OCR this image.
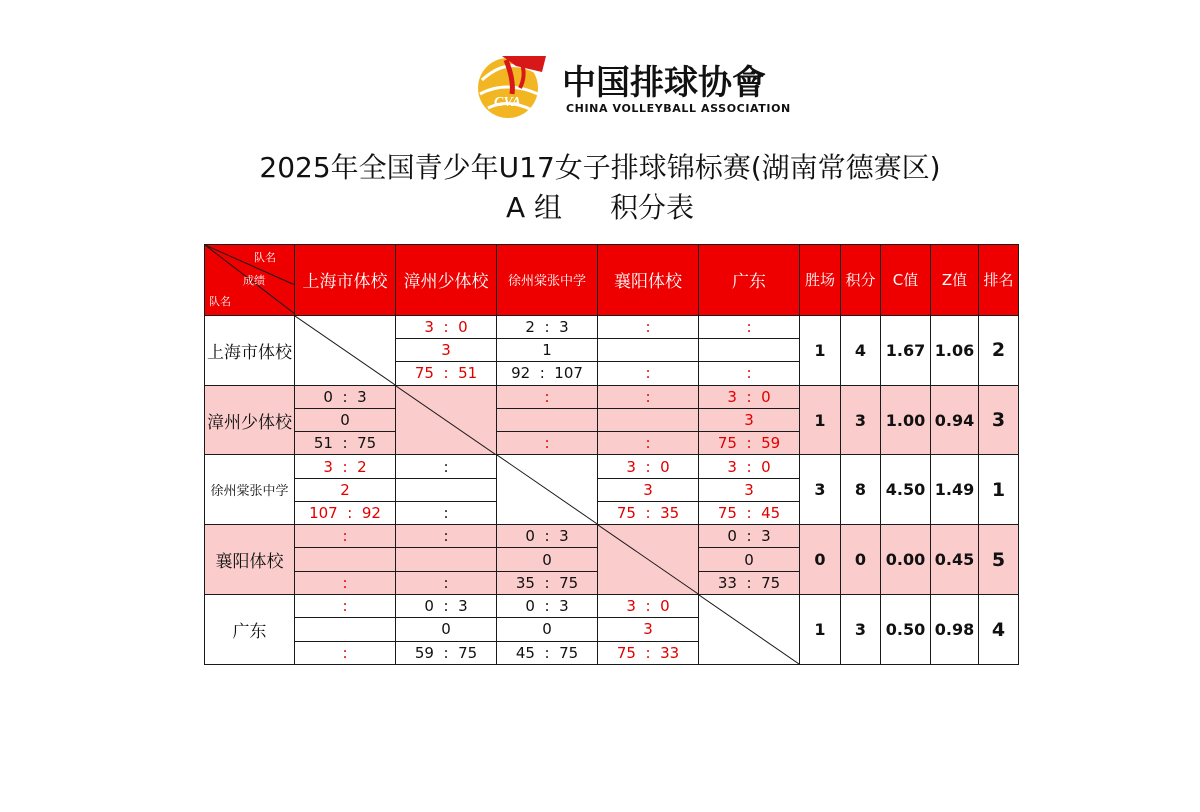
CVA 中国排球协會
CHINA VOLLEYBALL ASSOCIATION
2025年全国青少年U17女子排球锦标赛(湖南常德赛区)
A 组 积分表
队名
成绩
队名	上海市体校	漳州少体校	徐州棠张中学	襄阳体校	广东	胜场	积分	C值	Z值	排名
上海市体校		3  :  0	2  :  3	:	:	1	4	1.67	1.06	2
		3	1							
		75  :  51	92  :  107	:	:					
漳州少体校	0  :  3		:	:	3  :  0	1	3	1.00	0.94	3
	0				3					
	51  :  75		:	:	75  :  59					
徐州棠张中学	3  :  2	:		3  :  0	3  :  0	3	8	4.50	1.49	1
	2			3	3					
	107  :  92	:		75  :  35	75  :  45					
襄阳体校	:	:	0  :  3		0  :  3	0	0	0.00	0.45	5
			0		0					
	:	:	35  :  75		33  :  75					
广东	:	0  :  3	0  :  3	3  :  0		1	3	0.50	0.98	4
		0	0	3						
	:	59  :  75	45  :  75	75  :  33						
